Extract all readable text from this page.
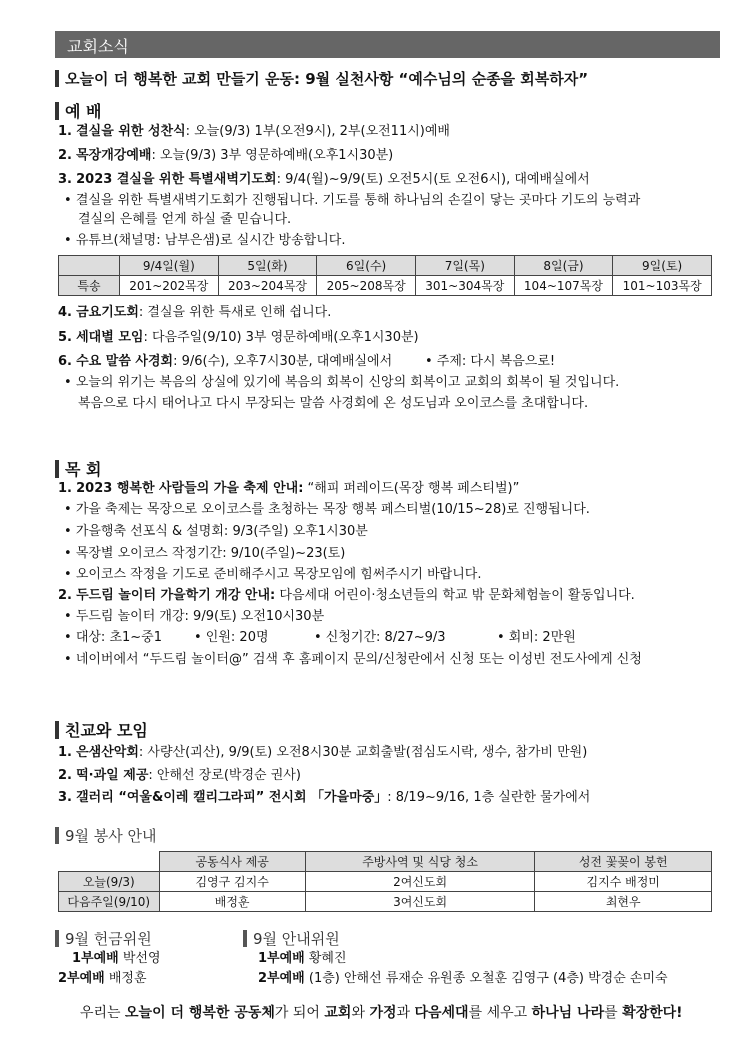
교회소식
오늘이 더 행복한 교회 만들기 운동: 9월 실천사항 “예수님의 순종을 회복하자”
예 배
1. 결실을 위한 성찬식: 오늘(9/3) 1부(오전9시), 2부(오전11시)예배
2. 목장개강예배: 오늘(9/3) 3부 영문하예배(오후1시30분)
3. 2023 결실을 위한 특별새벽기도회: 9/4(월)~9/9(토) 오전5시(토 오전6시), 대예배실에서
• 결실을 위한 특별새벽기도회가 진행됩니다. 기도를 통해 하나님의 손길이 닿는 곳마다 기도의 능력과
결실의 은혜를 얻게 하실 줄 믿습니다.
• 유튜브(채널명: 남부은샘)로 실시간 방송합니다.
	9/4일(월)	5일(화)	6일(수)	7일(목)	8일(금)	9일(토)
특송	201~202목장	203~204목장	205~208목장	301~304목장	104~107목장	101~103목장
4. 금요기도회: 결실을 위한 특새로 인해 쉽니다.
5. 세대별 모임: 다음주일(9/10) 3부 영문하예배(오후1시30분)
6. 수요 말씀 사경회: 9/6(수), 오후7시30분, 대예배실에서	• 주제: 다시 복음으로!
• 오늘의 위기는 복음의 상실에 있기에 복음의 회복이 신앙의 회복이고 교회의 회복이 될 것입니다.
복음으로 다시 태어나고 다시 무장되는 말씀 사경회에 온 성도님과 오이코스를 초대합니다.
목 회
1. 2023 행복한 사람들의 가을 축제 안내: “해피 퍼레이드(목장 행복 페스티벌)”
• 가을 축제는 목장으로 오이코스를 초청하는 목장 행복 페스티벌(10/15~28)로 진행됩니다.
• 가을행축 선포식 & 설명회: 9/3(주일) 오후1시30분
• 목장별 오이코스 작정기간: 9/10(주일)~23(토)
• 오이코스 작정을 기도로 준비해주시고 목장모임에 힘써주시기 바랍니다.
2. 두드림 놀이터 가을학기 개강 안내: 다음세대 어린이·청소년들의 학교 밖 문화체험놀이 활동입니다.
• 두드림 놀이터 개강: 9/9(토) 오전10시30분
• 대상: 초1~중1 • 인원: 20명	• 신청기간: 8/27~9/3	• 회비: 2만원
• 네이버에서 “두드림 놀이터@” 검색 후 홈페이지 문의/신청란에서 신청 또는 이성빈 전도사에게 신청
친교와 모임
1. 은샘산악회: 사량산(괴산), 9/9(토) 오전8시30분 교회출발(점심도시락, 생수, 참가비 만원)
2. 떡·과일 제공: 안해선 장로(박경순 권사)
3. 갤러리 “여울&이레 캘리그라피” 전시회 「가을마중」: 8/19~9/16, 1층 실란한 물가에서
9월 봉사 안내
	공동식사 제공	주방사역 및 식당 청소	성전 꽃꽂이 봉헌
오늘(9/3)	김영구 김지수	2여신도회	김지수 배정미
다음주일(9/10)	배정훈	3여신도회	최현우
9월 헌금위원
1부예배 박선영
2부예배 배정훈
9월 안내위원
1부예배 황혜진
2부예배 (1층) 안해선 류재순 유원종 오철훈 김영구 (4층) 박경순 손미숙
우리는 오늘이 더 행복한 공동체가 되어 교회와 가정과 다음세대를 세우고 하나님 나라를 확장한다!
